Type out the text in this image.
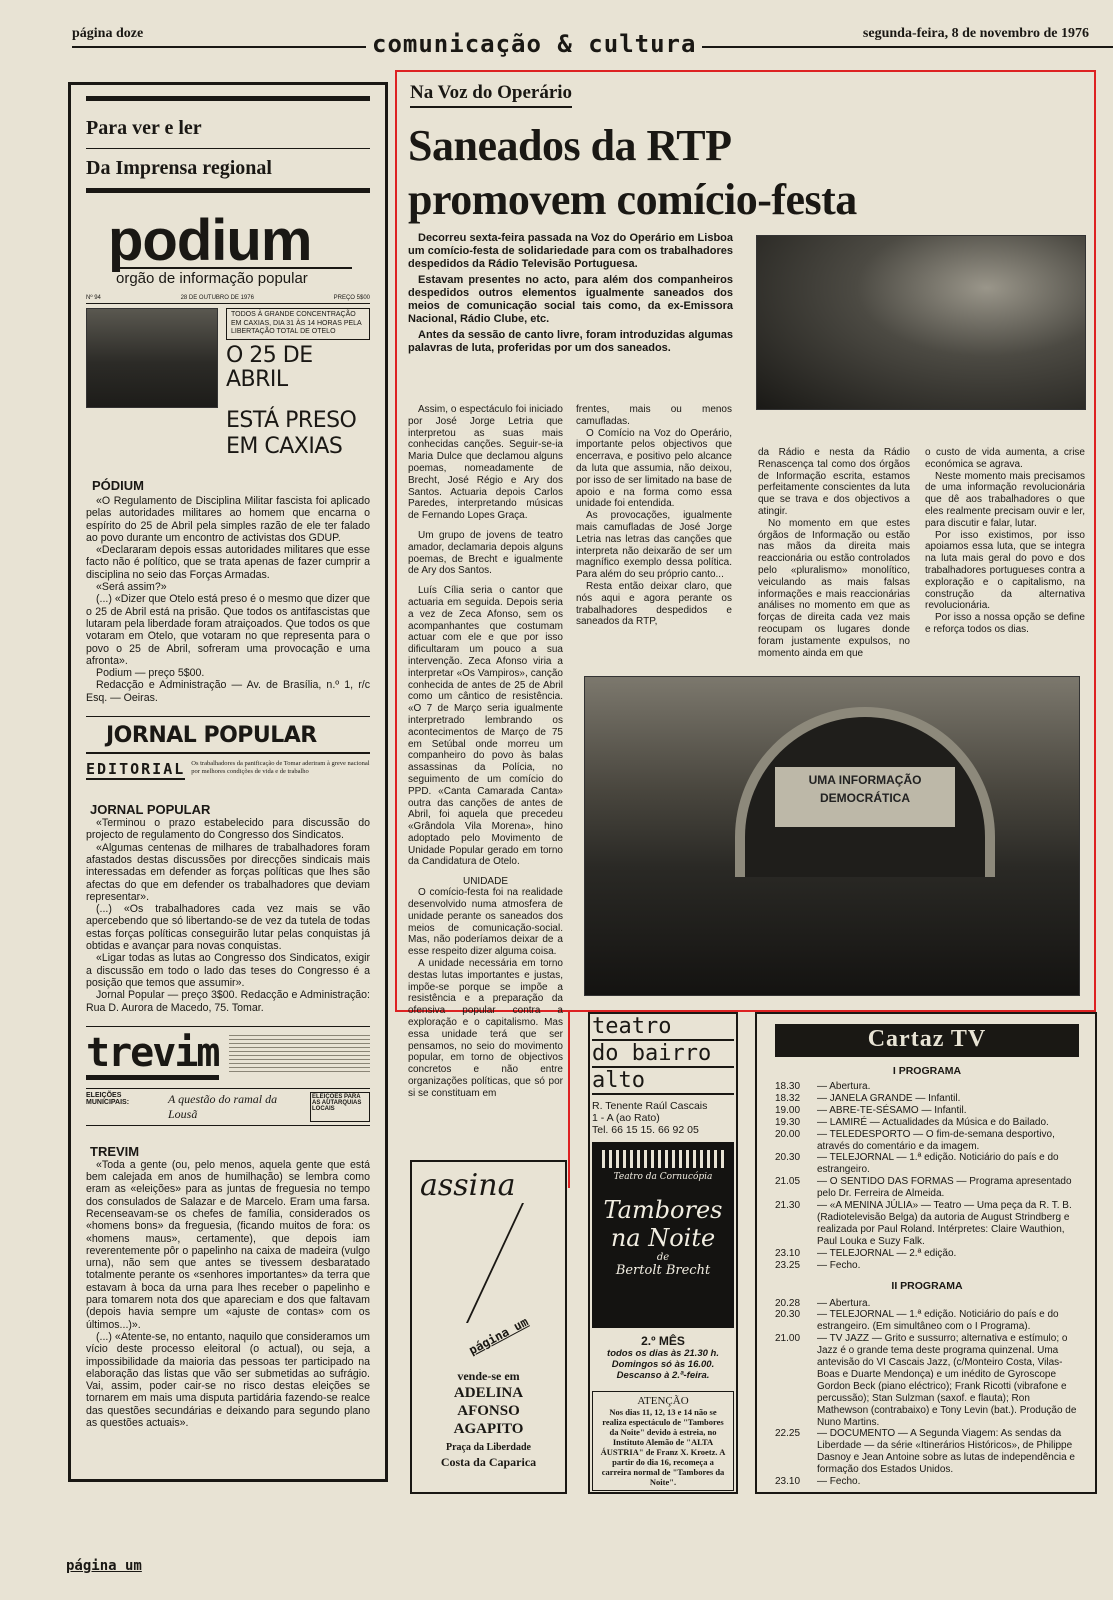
página doze	comunicação & cultura	segunda-feira, 8 de novembro de 1976
Para ver e ler
Da Imprensa regional
podium
orgão de informação popular
Nº 94	28 DE OUTUBRO DE 1976	PREÇO 5$00
TODOS À GRANDE CONCENTRAÇÃO EM CAXIAS, DIA 31 ÀS 14 HORAS PELA LIBERTAÇÃO TOTAL DE OTELO
O 25 DE ABRIL
ESTÁ PRESO
EM CAXIAS
PÓDIUM

«O Regulamento de Disciplina Militar fascista foi aplicado pelas autoridades militares ao homem que encarna o espírito do 25 de Abril pela simples razão de ele ter falado ao povo durante um encontro de activistas dos GDUP.

«Declararam depois essas autoridades militares que esse facto não é político, que se trata apenas de fazer cumprir a disciplina no seio das Forças Armadas.

«Será assim?»

(...) «Dizer que Otelo está preso é o mesmo que dizer que o 25 de Abril está na prisão. Que todos os antifascistas que lutaram pela liberdade foram atraiçoados. Que todos os que votaram em Otelo, que votaram no que representa para o povo o 25 de Abril, sofreram uma provocação e uma afronta».

Podium — preço 5$00.

Redacção e Administração — Av. de Brasília, n.º 1, r/c Esq. — Oeiras.

JORNAL POPULAR
EDITORIAL Os trabalhadores da panificação de Tomar aderiram à greve nacional por melhores condições de vida e de trabalho
JORNAL POPULAR

«Terminou o prazo estabelecido para discussão do projecto de regulamento do Congresso dos Sindicatos.

«Algumas centenas de milhares de trabalhadores foram afastados destas discussões por direcções sindicais mais interessadas em defender as forças políticas que lhes são afectas do que em defender os trabalhadores que deviam representar».

(...) «Os trabalhadores cada vez mais se vão apercebendo que só libertando-se de vez da tutela de todas estas forças políticas conseguirão lutar pelas conquistas já obtidas e avançar para novas conquistas.

«Ligar todas as lutas ao Congresso dos Sindicatos, exigir a discussão em todo o lado das teses do Congresso é a posição que temos que assumir».

Jornal Popular — preço 3$00. Redacção e Administração: Rua D. Aurora de Macedo, 75. Tomar.

trevim
ELEIÇÕES MUNICIPAIS:	A questão do ramal da Lousã
ELEIÇÕES PARA AS AUTARQUIAS LOCAIS
TREVIM

«Toda a gente (ou, pelo menos, aquela gente que está bem calejada em anos de humilhação) se lembra como eram as «eleições» para as juntas de freguesia no tempo dos consulados de Salazar e de Marcelo. Eram uma farsa. Recenseavam-se os chefes de família, considerados os «homens bons» da freguesia, (ficando muitos de fora: os «homens maus», certamente), que depois iam reverentemente pôr o papelinho na caixa de madeira (vulgo urna), não sem que antes se tivessem desbaratado totalmente perante os «senhores importantes» da terra que estavam à boca da urna para lhes receber o papelinho e para tomarem nota dos que apareciam e dos que faltavam (depois havia sempre um «ajuste de contas» com os últimos...)».

(...) «Atente-se, no entanto, naquilo que consideramos um vício deste processo eleitoral (o actual), ou seja, a impossibilidade da maioria das pessoas ter participado na elaboração das listas que vão ser submetidas ao sufrágio. Vai, assim, poder cair-se no risco destas eleições se tornarem em mais uma disputa partidária fazendo-se realce das questões secundárias e deixando para segundo plano as questões actuais».

Na Voz do Operário
Saneados da RTP
promovem comício-festa

Decorreu sexta-feira passada na Voz do Operário em Lisboa um comício-festa de solidariedade para com os trabalhadores despedidos da Rádio Televisão Portuguesa.

Estavam presentes no acto, para além dos companheiros despedidos outros elementos igualmente saneados dos meios de comunicação social tais como, da ex-Emissora Nacional, Rádio Clube, etc.

Antes da sessão de canto livre, foram introduzidas algumas palavras de luta, proferidas por um dos saneados.

Assim, o espectáculo foi iniciado por José Jorge Letria que interpretou as suas mais conhecidas canções. Seguir-se-ia Maria Dulce que declamou alguns poemas, nomeadamente de Brecht, José Régio e Ary dos Santos. Actuaria depois Carlos Paredes, interpretando músicas de Fernando Lopes Graça.

Um grupo de jovens de teatro amador, declamaria depois alguns poemas, de Brecht e igualmente de Ary dos Santos.

Luís Cília seria o cantor que actuaria em seguida. Depois seria a vez de Zeca Afonso, sem os acompanhantes que costumam actuar com ele e que por isso dificultaram um pouco a sua intervenção. Zeca Afonso viria a interpretar «Os Vampiros», canção conhecida de antes de 25 de Abril como um cântico de resistência. «O 7 de Março seria igualmente interpretrado lembrando os acontecimentos de Março de 75 em Setúbal onde morreu um companheiro do povo às balas assassinas da Polícia, no seguimento de um comício do PPD. «Canta Camarada Canta» outra das canções de antes de Abril, foi aquela que precedeu «Grândola Vila Morena», hino adoptado pelo Movimento de Unidade Popular gerado em torno da Candidatura de Otelo.

UNIDADE

O comício-festa foi na realidade desenvolvido numa atmosfera de unidade perante os saneados dos meios de comunicação-social. Mas, não poderíamos deixar de a esse respeito dizer alguma coisa.

A unidade necessária em torno destas lutas importantes e justas, impõe-se porque se impõe a resistência e a preparação da ofensiva popular contra a exploração e o capitalismo. Mas essa unidade terá que ser pensamos, no seio do movimento popular, em torno de objectivos concretos e não entre organizações políticas, que só por si se constituam em

frentes, mais ou menos camufladas.

O Comício na Voz do Operário, importante pelos objectivos que encerrava, e positivo pelo alcance da luta que assumia, não deixou, por isso de ser limitado na base de apoio e na forma como essa unidade foi entendida.

As provocações, igualmente mais camufladas de José Jorge Letria nas letras das canções que interpreta não deixarão de ser um magnífico exemplo dessa política. Para além do seu próprio canto...

Resta então deixar claro, que nós aqui e agora perante os trabalhadores despedidos e saneados da RTP,

da Rádio e nesta da Rádio Renascença tal como dos órgãos de Informação escrita, estamos perfeitamente conscientes da luta que se trava e dos objectivos a atingir.

No momento em que estes órgãos de Informação ou estão nas mãos da direita mais reaccionária ou estão controlados pelo «pluralismo» monolítico, veiculando as mais falsas informações e mais reaccionárias análises no momento em que as forças de direita cada vez mais reocupam os lugares donde foram justamente expulsos, no momento ainda em que

o custo de vida aumenta, a crise económica se agrava.

Neste momento mais precisamos de uma informação revolucionária que dê aos trabalhadores o que eles realmente precisam ouvir e ler, para discutir e falar, lutar.

Por isso existimos, por isso apoiamos essa luta, que se integra na luta mais geral do povo e dos trabalhadores portugueses contra a exploração e o capitalismo, na construção da alternativa revolucionária.

Por isso a nossa opção se define e reforça todos os dias.

UMA INFORMAÇÃO
DEMOCRÁTICA
assina
página um
vende-se em
ADELINA
AFONSO
AGAPITO
Praça da Liberdade
Costa da Caparica
teatro
do bairro
alto
R. Tenente Raúl Cascais
1 - A (ao Rato)
Tel. 66 15 15. 66 92 05
Teatro da Cornucópia
Tambores
na Noite
de
Bertolt Brecht
2.º MÊS
todos os dias às 21.30 h.
Domingos só às 16.00.
Descanso à 2.ª-feira.
ATENÇÃO
Nos dias 11, 12, 13 e 14 não se realiza espectáculo de "Tambores da Noite" devido à estreia, no Instituto Alemão de "ALTA ÁUSTRIA" de Franz X. Kroetz. A partir do dia 16, recomeça a carreira normal de "Tambores da Noite".
Cartaz TV
I PROGRAMA
18.30	— Abertura.
18.32	— JANELA GRANDE — Infantil.
19.00	— ABRE-TE-SÉSAMO — Infantil.
19.30	— LAMIRÉ — Actualidades da Música e do Bailado.
20.00	— TELEDESPORTO — O fim-de-semana desportivo, através do comentário e da imagem.
20.30	— TELEJORNAL — 1.ª edição. Noticiário do país e do estrangeiro.
21.05	— O SENTIDO DAS FORMAS — Programa apresentado pelo Dr. Ferreira de Almeida.
21.30	— «A MENINA JÚLIA» — Teatro — Uma peça da R. T. B. (Radiotelevisão Belga) da autoria de August Strindberg e realizada por Paul Roland. Intérpretes: Claire Wauthion, Paul Louka e Suzy Falk.
23.10	— TELEJORNAL — 2.ª edição.
23.25	— Fecho.
II PROGRAMA
20.28	— Abertura.
20.30	— TELEJORNAL — 1.ª edição. Noticiário do país e do estrangeiro. (Em simultâneo com o I Programa).
21.00	— TV JAZZ — Grito e sussurro; alternativa e estímulo; o Jazz é o grande tema deste programa quinzenal. Uma antevisão do VI Cascais Jazz, (c/Monteiro Costa, Vilas-Boas e Duarte Mendonça) e um inédito de Gyroscope Gordon Beck (piano eléctrico); Frank Ricotti (vibrafone e percussão); Stan Sulzman (saxof. e flauta); Ron Mathewson (contrabaixo) e Tony Levin (bat.). Produção de Nuno Martins.
22.25	— DOCUMENTO — A Segunda Viagem: As sendas da Liberdade — da série «Itinerários Históricos», de Philippe Dasnoy e Jean Antoine sobre as lutas de independência e formação dos Estados Unidos.
23.10	— Fecho.
página um
